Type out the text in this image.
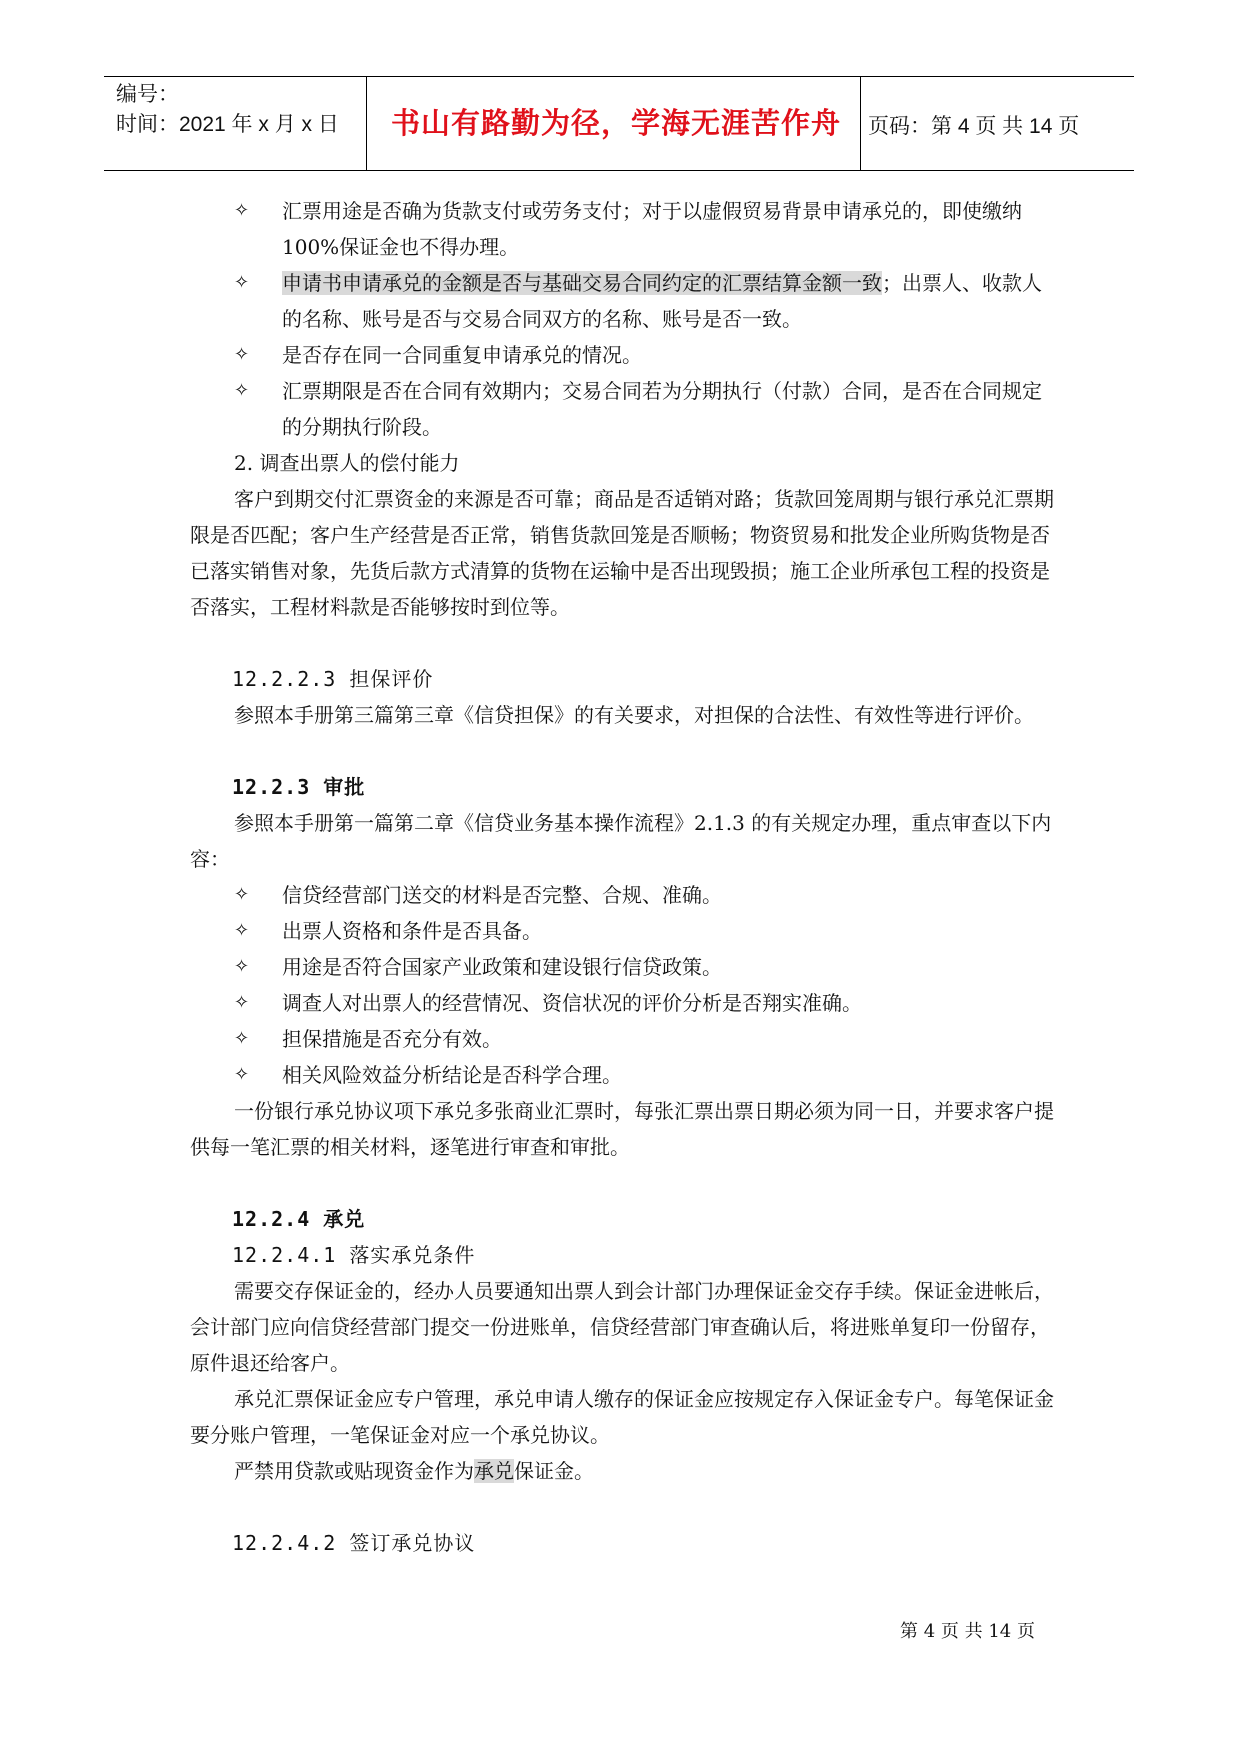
编号：
时间：2021 年 x 月 x 日	书山有路勤为径，学海无涯苦作舟	页码：第 4 页 共 14 页
✧ 汇票用途是否确为货款支付或劳务支付；对于以虚假贸易背景申请承兑的，即使缴纳 100%保证金也不得办理。
✧ 申请书申请承兑的金额是否与基础交易合同约定的汇票结算金额一致；出票人、收款人的名称、账号是否与交易合同双方的名称、账号是否一致。
✧ 是否存在同一合同重复申请承兑的情况。
✧ 汇票期限是否在合同有效期内；交易合同若为分期执行（付款）合同，是否在合同规定的分期执行阶段。
2. 调查出票人的偿付能力
客户到期交付汇票资金的来源是否可靠；商品是否适销对路；货款回笼周期与银行承兑汇票期限是否匹配；客户生产经营是否正常，销售货款回笼是否顺畅；物资贸易和批发企业所购货物是否已落实销售对象，先货后款方式清算的货物在运输中是否出现毁损；施工企业所承包工程的投资是否落实，工程材料款是否能够按时到位等。
12.2.2.3 担保评价
参照本手册第三篇第三章《信贷担保》的有关要求，对担保的合法性、有效性等进行评价。
12.2.3 审批
参照本手册第一篇第二章《信贷业务基本操作流程》2.1.3 的有关规定办理，重点审查以下内容：
✧ 信贷经营部门送交的材料是否完整、合规、准确。
✧ 出票人资格和条件是否具备。
✧ 用途是否符合国家产业政策和建设银行信贷政策。
✧ 调查人对出票人的经营情况、资信状况的评价分析是否翔实准确。
✧ 担保措施是否充分有效。
✧ 相关风险效益分析结论是否科学合理。
一份银行承兑协议项下承兑多张商业汇票时，每张汇票出票日期必须为同一日，并要求客户提供每一笔汇票的相关材料，逐笔进行审查和审批。
12.2.4 承兑
12.2.4.1 落实承兑条件
需要交存保证金的，经办人员要通知出票人到会计部门办理保证金交存手续。保证金进帐后，会计部门应向信贷经营部门提交一份进账单，信贷经营部门审查确认后，将进账单复印一份留存，原件退还给客户。
承兑汇票保证金应专户管理，承兑申请人缴存的保证金应按规定存入保证金专户。每笔保证金要分账户管理，一笔保证金对应一个承兑协议。
严禁用贷款或贴现资金作为承兑保证金。
12.2.4.2 签订承兑协议
第 4 页 共 14 页
